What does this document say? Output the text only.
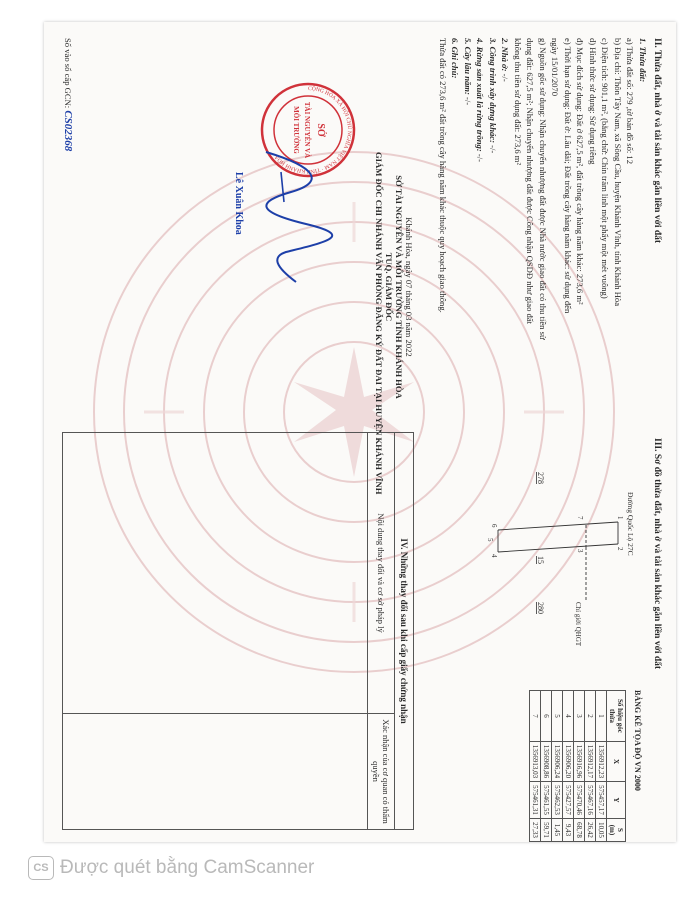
II. Thửa đất, nhà ở và tài sản khác gắn liền với đất
1. Thửa đất:
a) Thửa đất số: 279 ,tờ bản đồ số: 12
b) Địa chỉ: Thôn Tây Nam, xã Sông Cầu, huyện Khánh Vĩnh, tỉnh Khánh Hòa
c) Diện tích: 901,1 m², (bằng chữ: Chín trăm linh một phẩy một mét vuông)
d) Hình thức sử dụng: Sử dụng riêng
đ) Mục đích sử dụng: Đất ở 627,5 m², đất trồng cây hàng năm khác: 273,6 m²
e) Thời hạn sử dụng: Đất ở: Lâu dài; Đất trồng cây hàng năm khác: sử dụng đến
ngày 15/01/2070
g) Nguồn gốc sử dụng: Nhận chuyển nhượng đất được Nhà nước giao đất có thu tiền sử
dụng đất: 627,5 m²; Nhận chuyển nhượng đất được Công nhận QSDĐ như giao đất
không thu tiền sử dụng đất: 273,6 m²
2. Nhà ở: -/-
3. Công trình xây dựng khác: -/-
4. Rừng sản xuất là rừng trồng: -/-
5. Cây lâu năm: -/-
6. Ghi chú:
Thửa đất có 273,6 m² đất trồng cây hàng năm khác thuộc quy hoạch giao thông.
Khánh Hòa, ngày 07 tháng 03 năm 2022
SỞ TÀI NGUYÊN VÀ MÔI TRƯỜNG TỈNH KHÁNH HÒA
TUQ. GIÁM ĐỐC
GIÁM ĐỐC CHI NHÁNH VĂN PHÒNG ĐĂNG KÝ ĐẤT ĐAI TẠI HUYỆN KHÁNH VĨNH
SỞ
TÀI NGUYÊN VÀ
MÔI TRƯỜNG
CỘNG HÒA XÃ HỘI CHỦ NGHĨA VIỆT NAM · TỈNH KHÁNH HÒA
Lê Xuân Khoa
Số vào sổ cấp GCN: CS02368
III. Sơ đồ thửa đất, nhà ở và tài sản khác gắn liền với đất
Đường Quốc Lộ 27C
Chỉ giới QHGT
278
280
15
1
2
3
4
5
6
7
BẢNG KÊ TỌA ĐỘ VN 2000
Số hiệu góc thửa	X	Y	S (m)
1	1356912,23	575457,17	10,05
2	1356912,17	575467,16	26,42
3	1356916,96	575470,46	68,78
4	1356906,20	575427,57	9,43
5	1356906,24	575462,53	1,45
6	1356908,86	575461,55	59,71
7	1356913,03	575461,31	27,33
IV. Những thay đổi sau khi cấp giấy chứng nhận
Nội dung thay đổi và cơ sở pháp lý
Xác nhận của cơ quan có thẩm quyền
CS Được quét bằng CamScanner
